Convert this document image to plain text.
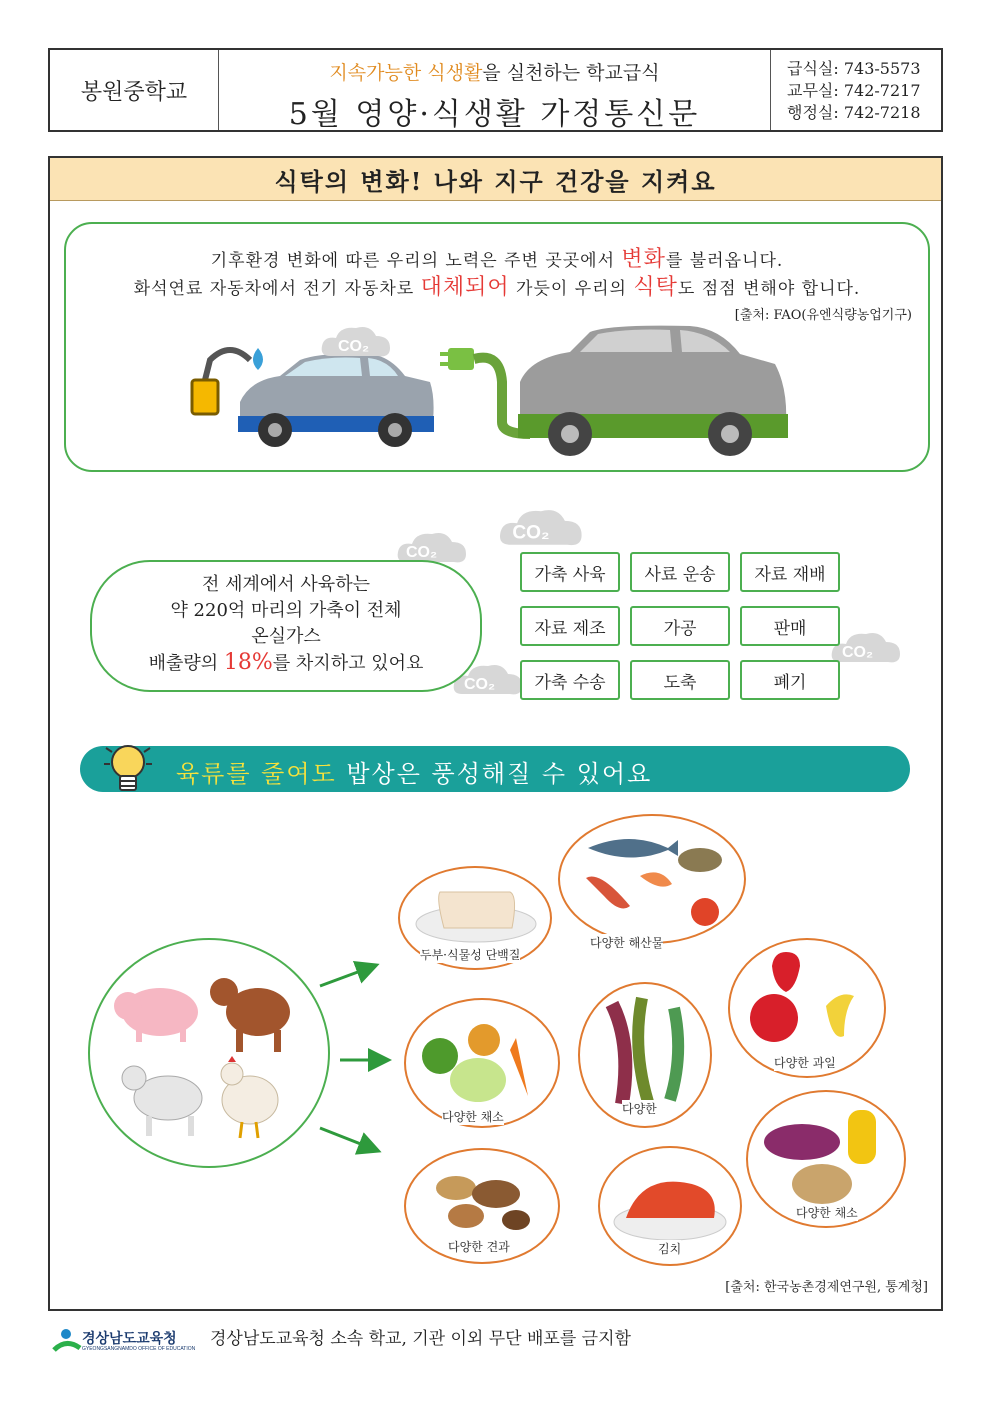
봉원중학교
지속가능한 식생활을 실천하는 학교급식
5월 영양·식생활 가정통신문
급식실: 743-5573
교무실: 742-7217
행정실: 742-7218
식탁의 변화! 나와 지구 건강을 지켜요
기후환경 변화에 따른 우리의 노력은 주변 곳곳에서 변화를 불러옵니다.
화석연료 자동차에서 전기 자동차로 대체되어 가듯이 우리의 식탁도 점점 변해야 합니다.
[출처: FAO(유엔식량농업기구)
CO₂
CO₂
CO₂
CO₂
CO₂
전 세계에서 사육하는
약 220억 마리의 가축이 전체
온실가스
배출량의 18%를 차지하고 있어요
가축 사육	사료 운송	자료 재배
자료 제조	가공	판매
가축 수송	도축	폐기
육류를 줄여도 밥상은 풍성해질 수 있어요
두부·식물성 단백질
다양한 해산물
다양한 과일
다양한 채소
다양한
다양한 채소
다양한 견과	김치
[출처: 한국농촌경제연구원, 통계청]
경상남도교육청
GYEONGSANGNAMDO OFFICE OF EDUCATION 경상남도교육청 소속 학교, 기관 이외 무단 배포를 금지함
